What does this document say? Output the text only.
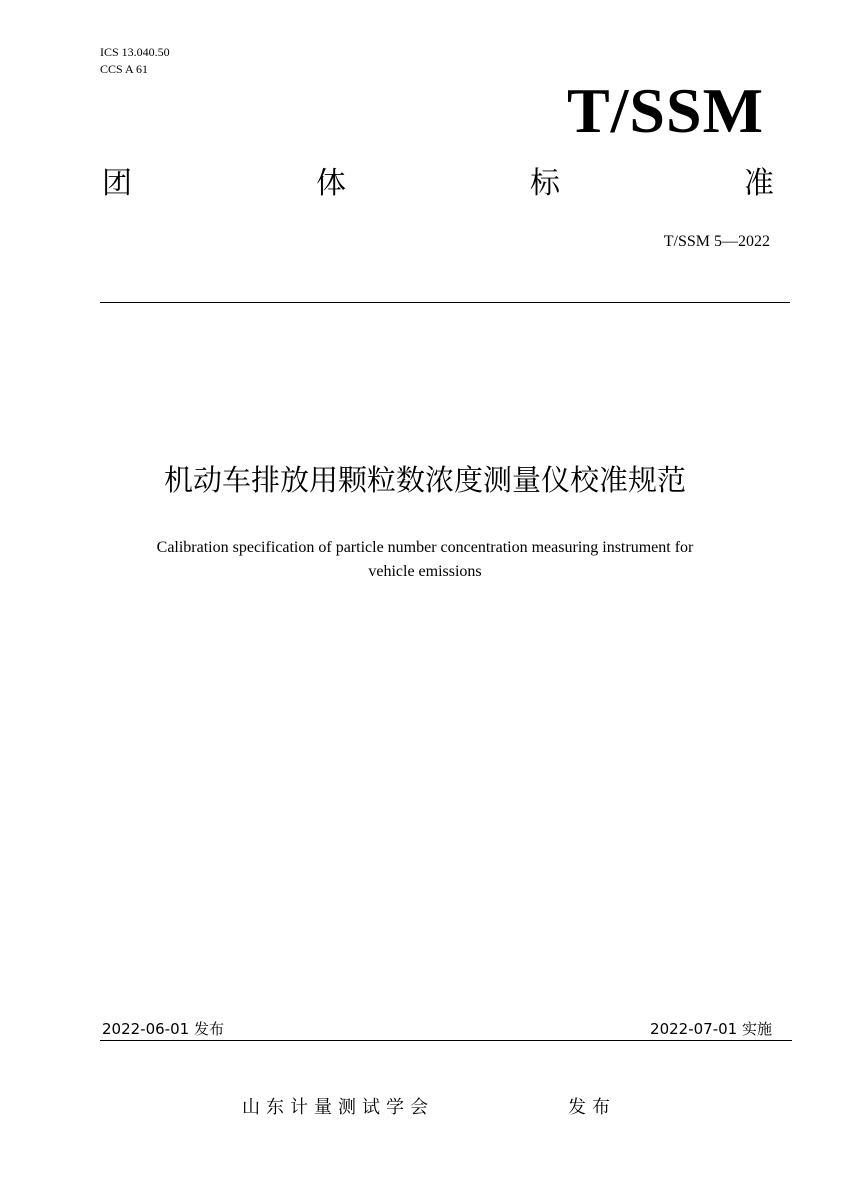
ICS 13.040.50
CCS A 61
T/SSM
团	体	标	准
T/SSM 5—2022
机动车排放用颗粒数浓度测量仪校准规范
Calibration specification of particle number concentration measuring instrument for
vehicle emissions
2022-06-01 发布	2022-07-01 实施
山东计量测试学会	发布
